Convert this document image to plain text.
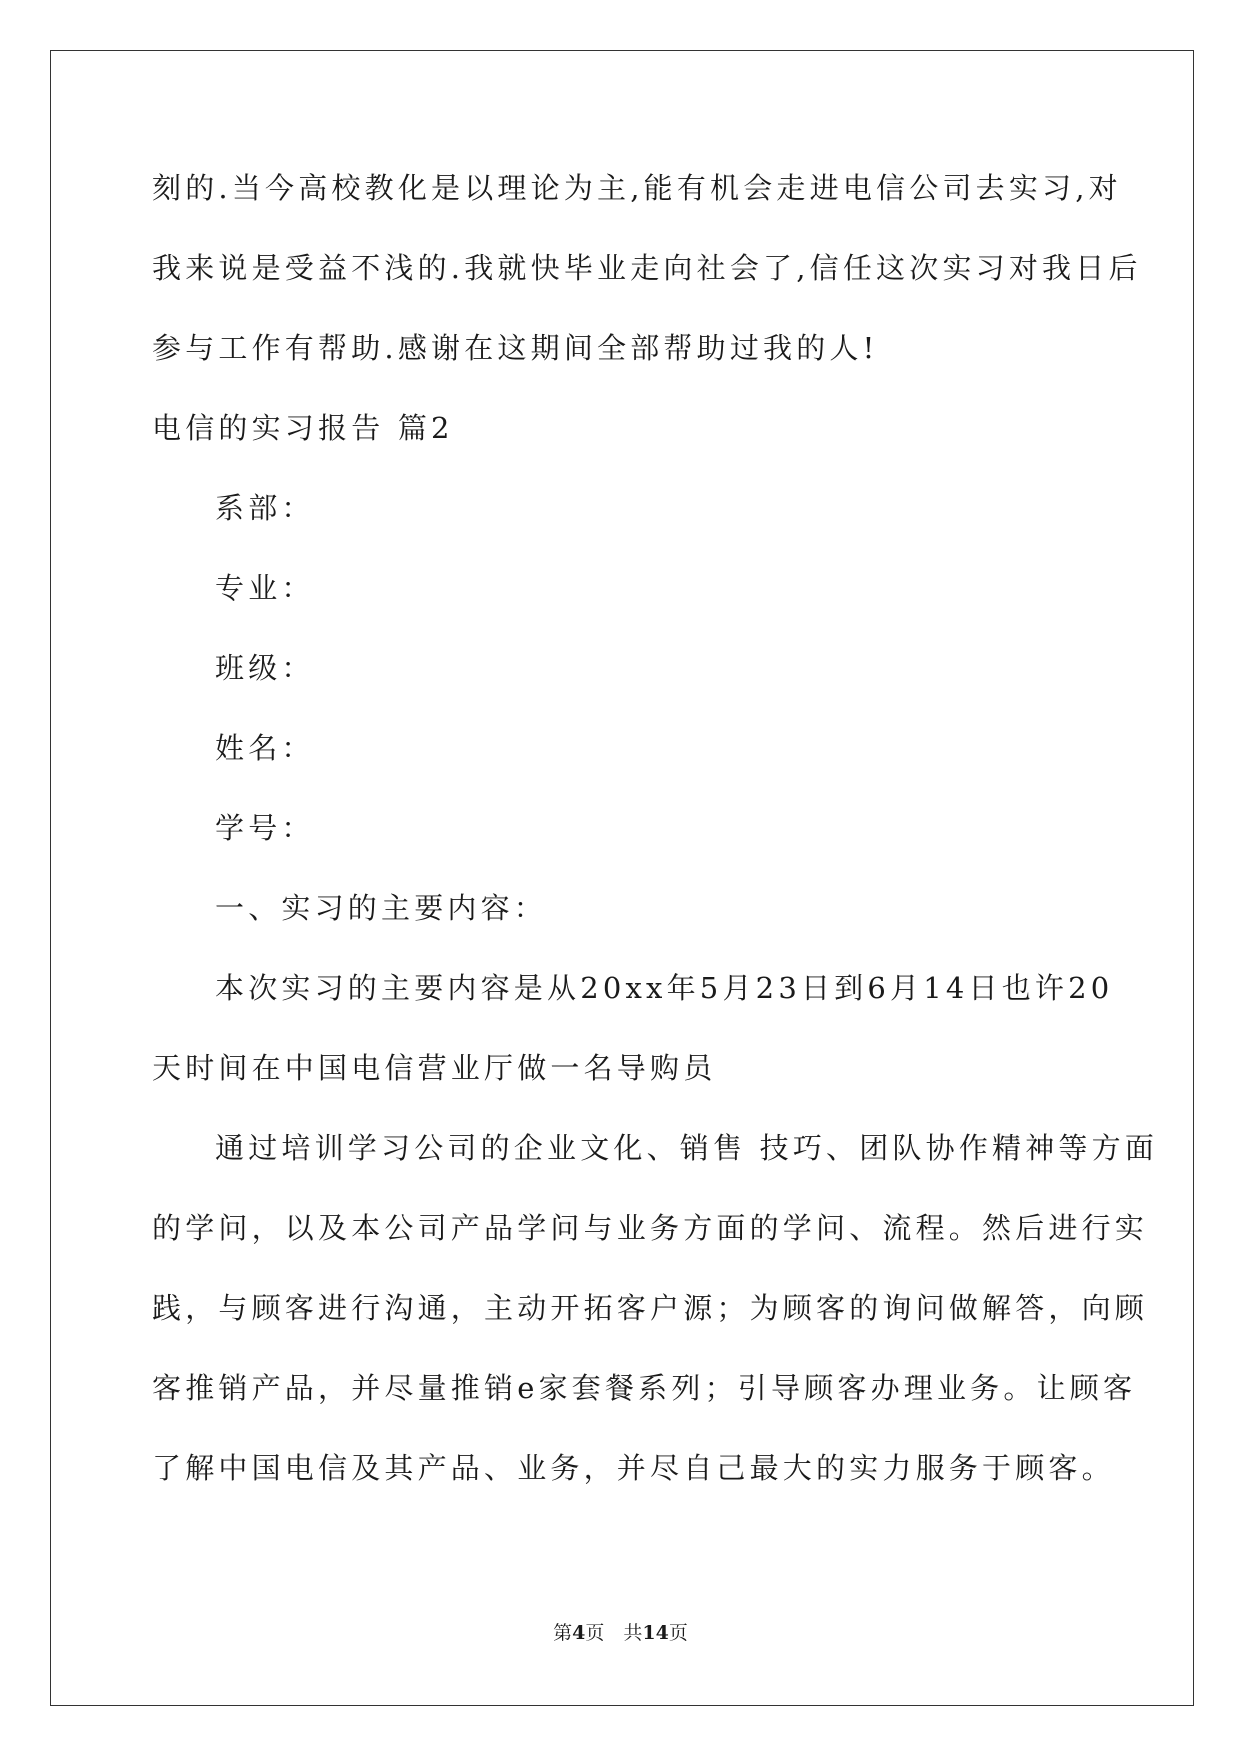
刻的.当今高校教化是以理论为主,能有机会走进电信公司去实习,对
我来说是受益不浅的.我就快毕业走向社会了,信任这次实习对我日后
参与工作有帮助.感谢在这期间全部帮助过我的人!
电信的实习报告 篇2
系部：
专业：
班级：
姓名：
学号：
一、实习的主要内容：
本次实习的主要内容是从20xx年5月23日到6月14日也许20
天时间在中国电信营业厅做一名导购员
通过培训学习公司的企业文化、销售 技巧、团队协作精神等方面
的学问，以及本公司产品学问与业务方面的学问、流程。然后进行实
践，与顾客进行沟通，主动开拓客户源；为顾客的询问做解答，向顾
客推销产品，并尽量推销e家套餐系列；引导顾客办理业务。让顾客
了解中国电信及其产品、业务，并尽自己最大的实力服务于顾客。
第4页　共14页
